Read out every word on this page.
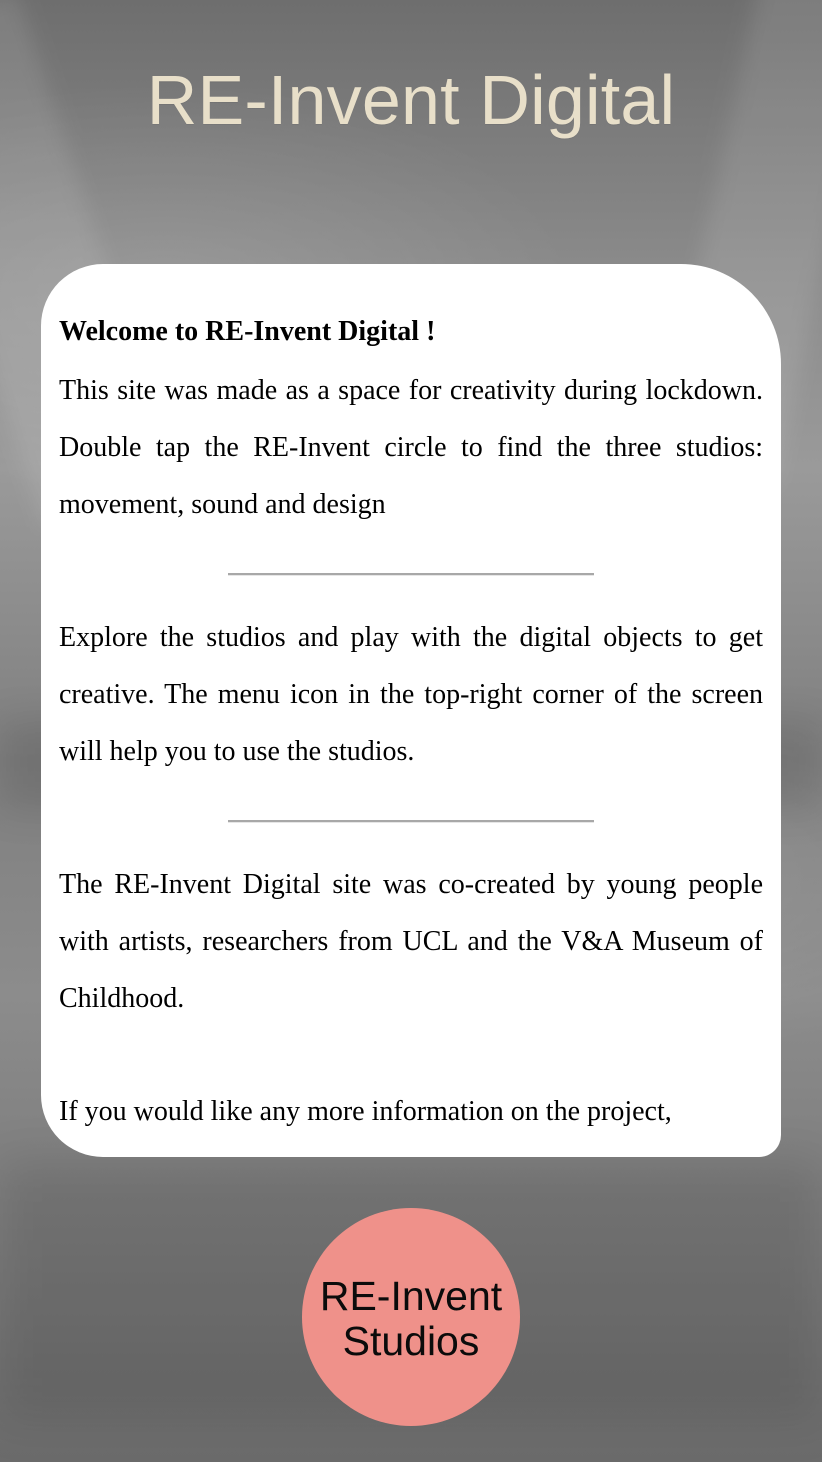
RE-Invent Digital

Welcome to RE-Invent Digital !

This site was made as a space for creativity during lockdown. Double tap the RE-Invent circle to find the three studios: movement, sound and design

Explore the studios and play with the digital objects to get creative. The menu icon in the top-right corner of the screen will help you to use the studios.

The RE-Invent Digital site was co-created by young people with artists, researchers from UCL and the V&A Museum of Childhood.

If you would like any more information on the project,

RE-Invent
Studios
